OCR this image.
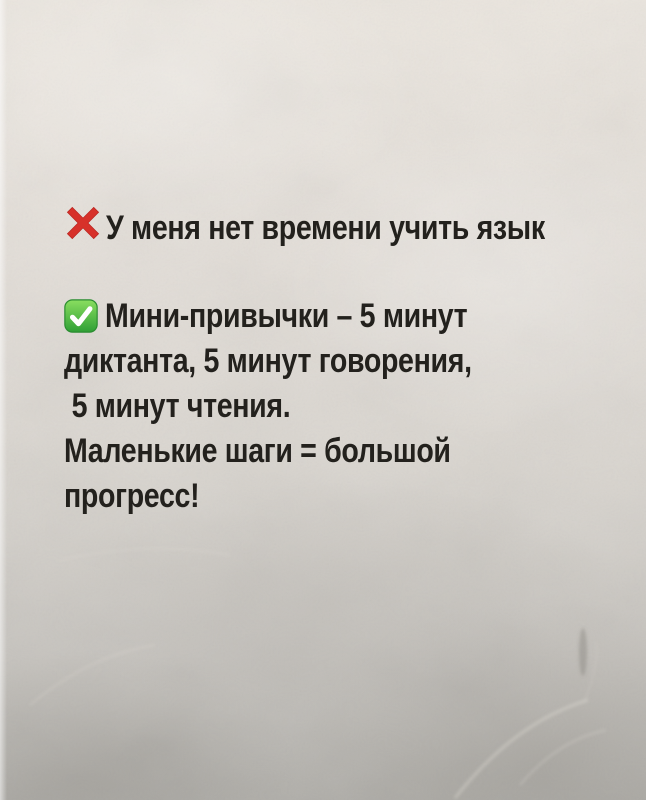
У меня нет времени учить язык
Мини-привычки – 5 минут
диктанта, 5 минут говорения,
5 минут чтения.
Маленькие шаги = большой
прогресс!
